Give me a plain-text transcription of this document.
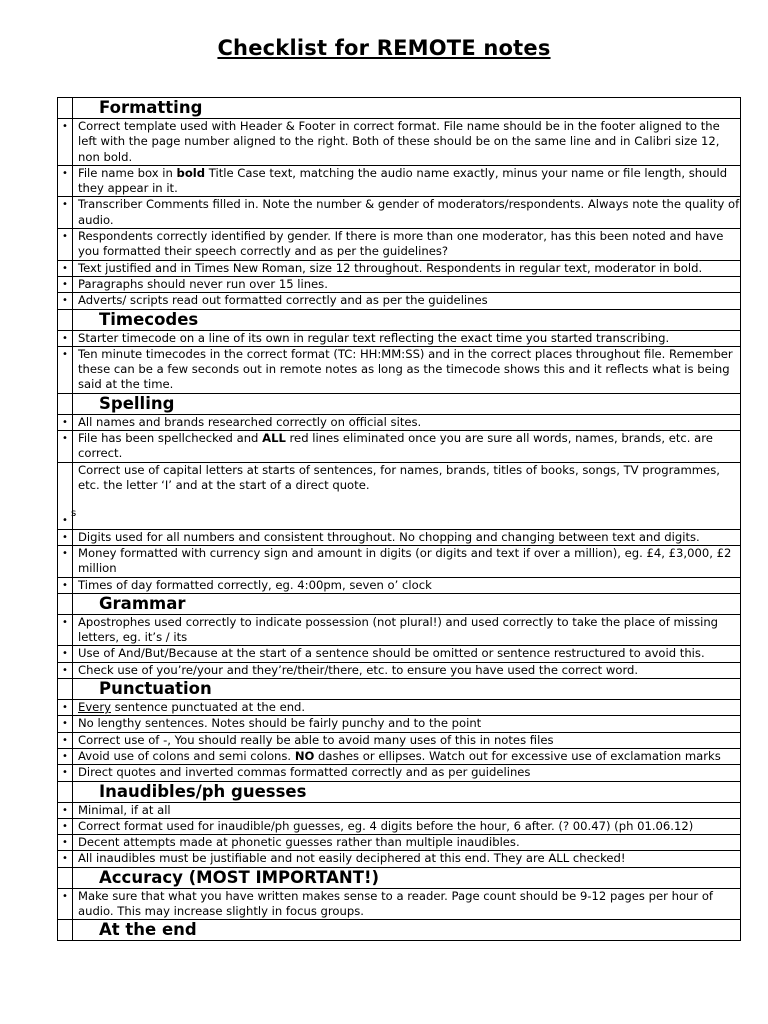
Checklist for REMOTE notes
s
	Formatting
•	Correct template used with Header & Footer in correct format. File name should be in the footer aligned to the left with the page number aligned to the right. Both of these should be on the same line and in Calibri size 12, non bold.
•	File name box in bold Title Case text, matching the audio name exactly, minus your name or file length, should they appear in it.
•	Transcriber Comments filled in. Note the number & gender of moderators/respondents. Always note the quality of audio.
•	Respondents correctly identified by gender. If there is more than one moderator, has this been noted and have you formatted their speech correctly and as per the guidelines?
•	Text justified and in Times New Roman, size 12 throughout. Respondents in regular text, moderator in bold.
•	Paragraphs should never run over 15 lines.
•	Adverts/ scripts read out formatted correctly and as per the guidelines
	Timecodes
•	Starter timecode on a line of its own in regular text reflecting the exact time you started transcribing.
•	Ten minute timecodes in the correct format (TC: HH:MM:SS) and in the correct places throughout file. Remember these can be a few seconds out in remote notes as long as the timecode shows this and it reflects what is being said at the time.
	Spelling
•	All names and brands researched correctly on official sites.
•	File has been spellchecked and ALL red lines eliminated once you are sure all words, names, brands, etc. are correct.
•	Correct use of capital letters at starts of sentences, for names, brands, titles of books, songs, TV programmes, etc. the letter ‘I’ and at the start of a direct quote.
•	Digits used for all numbers and consistent throughout. No chopping and changing between text and digits.
•	Money formatted with currency sign and amount in digits (or digits and text if over a million), eg. £4, £3,000, £2 million
•	Times of day formatted correctly, eg. 4:00pm, seven o’ clock
	Grammar
•	Apostrophes used correctly to indicate possession (not plural!) and used correctly to take the place of missing letters, eg. it’s / its
•	Use of And/But/Because at the start of a sentence should be omitted or sentence restructured to avoid this.
•	Check use of you’re/your and they’re/their/there, etc. to ensure you have used the correct word.
	Punctuation
•	Every sentence punctuated at the end.
•	No lengthy sentences. Notes should be fairly punchy and to the point
•	Correct use of -, You should really be able to avoid many uses of this in notes files
•	Avoid use of colons and semi colons. NO dashes or ellipses. Watch out for excessive use of exclamation marks
•	Direct quotes and inverted commas formatted correctly and as per guidelines
	Inaudibles/ph guesses
•	Minimal, if at all
•	Correct format used for inaudible/ph guesses, eg. 4 digits before the hour, 6 after. (? 00.47) (ph 01.06.12)
•	Decent attempts made at phonetic guesses rather than multiple inaudibles.
•	All inaudibles must be justifiable and not easily deciphered at this end. They are ALL checked!
	Accuracy (MOST IMPORTANT!)
•	Make sure that what you have written makes sense to a reader. Page count should be 9-12 pages per hour of audio. This may increase slightly in focus groups.
	At the end
